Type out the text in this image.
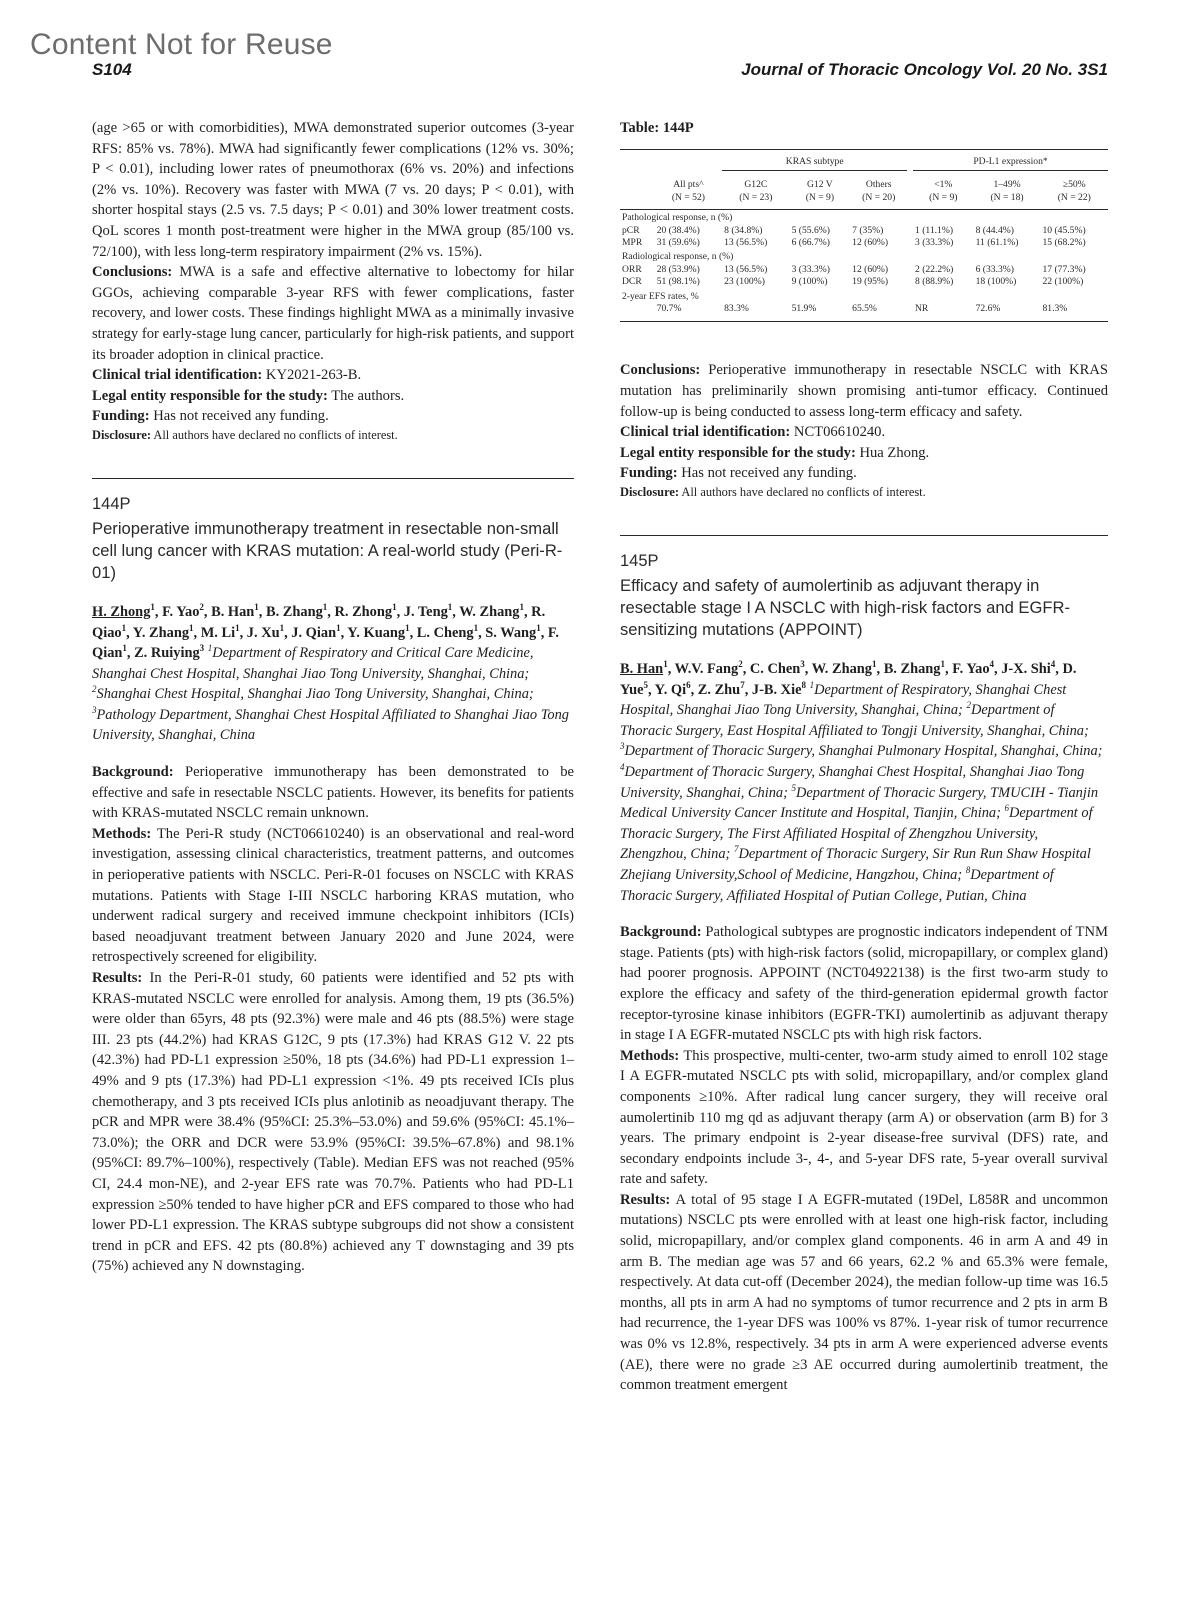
Content Not for Reuse
S104	Journal of Thoracic Oncology Vol. 20 No. 3S1

(age >65 or with comorbidities), MWA demonstrated superior outcomes (3-year RFS: 85% vs. 78%). MWA had significantly fewer complications (12% vs. 30%; P < 0.01), including lower rates of pneumothorax (6% vs. 20%) and infections (2% vs. 10%). Recovery was faster with MWA (7 vs. 20 days; P < 0.01), with shorter hospital stays (2.5 vs. 7.5 days; P < 0.01) and 30% lower treatment costs. QoL scores 1 month post-treatment were higher in the MWA group (85/100 vs. 72/100), with less long-term respiratory impairment (2% vs. 15%).

Conclusions: MWA is a safe and effective alternative to lobectomy for hilar GGOs, achieving comparable 3-year RFS with fewer complications, faster recovery, and lower costs. These findings highlight MWA as a minimally invasive strategy for early-stage lung cancer, particularly for high-risk patients, and support its broader adoption in clinical practice.

Clinical trial identification: KY2021-263-B.

Legal entity responsible for the study: The authors.

Funding: Has not received any funding.

Disclosure: All authors have declared no conflicts of interest.

144P
Perioperative immunotherapy treatment in resectable non-small cell lung cancer with KRAS mutation: A real-world study (Peri-R-01)

H. Zhong$^1$, F. Yao$^2$, B. Han$^1$, B. Zhang$^1$, R. Zhong$^1$, J. Teng$^1$, W. Zhang$^1$, R. Qiao$^1$, Y. Zhang$^1$, M. Li$^1$, J. Xu$^1$, J. Qian$^1$, Y. Kuang$^1$, L. Cheng$^1$, S. Wang$^1$, F. Qian$^1$, Z. Ruiying$^3$ $^1$Department of Respiratory and Critical Care Medicine, Shanghai Chest Hospital, Shanghai Jiao Tong University, Shanghai, China; $^2$Shanghai Chest Hospital, Shanghai Jiao Tong University, Shanghai, China; $^3$Pathology Department, Shanghai Chest Hospital Affiliated to Shanghai Jiao Tong University, Shanghai, China

Background: Perioperative immunotherapy has been demonstrated to be effective and safe in resectable NSCLC patients. However, its benefits for patients with KRAS-mutated NSCLC remain unknown.

Methods: The Peri-R study (NCT06610240) is an observational and real-word investigation, assessing clinical characteristics, treatment patterns, and outcomes in perioperative patients with NSCLC. Peri-R-01 focuses on NSCLC with KRAS mutations. Patients with Stage I-III NSCLC harboring KRAS mutation, who underwent radical surgery and received immune checkpoint inhibitors (ICIs) based neoadjuvant treatment between January 2020 and June 2024, were retrospectively screened for eligibility.

Results: In the Peri-R-01 study, 60 patients were identified and 52 pts with KRAS-mutated NSCLC were enrolled for analysis. Among them, 19 pts (36.5%) were older than 65yrs, 48 pts (92.3%) were male and 46 pts (88.5%) were stage III. 23 pts (44.2%) had KRAS G12C, 9 pts (17.3%) had KRAS G12 V. 22 pts (42.3%) had PD-L1 expression ≥50%, 18 pts (34.6%) had PD-L1 expression 1–49% and 9 pts (17.3%) had PD-L1 expression <1%. 49 pts received ICIs plus chemotherapy, and 3 pts received ICIs plus anlotinib as neoadjuvant therapy. The pCR and MPR were 38.4% (95%CI: 25.3%–53.0%) and 59.6% (95%CI: 45.1%–73.0%); the ORR and DCR were 53.9% (95%CI: 39.5%–67.8%) and 98.1% (95%CI: 89.7%–100%), respectively (Table). Median EFS was not reached (95% CI, 24.4 mon-NE), and 2-year EFS rate was 70.7%. Patients who had PD-L1 expression ≥50% tended to have higher pCR and EFS compared to those who had lower PD-L1 expression. The KRAS subtype subgroups did not show a consistent trend in pCR and EFS. 42 pts (80.8%) achieved any T downstaging and 39 pts (75%) achieved any N downstaging.

Table: 144P
		KRAS subtype				PD-L1 expression*		
	All pts^	G12C	G12 V	Others		<1%	1–49%	≥50%
	(N = 52)	(N = 23)	(N = 9)	(N = 20)		(N = 9)	(N = 18)	(N = 22)
Pathological response, n (%)								
pCR	20 (38.4%)	8 (34.8%)	5 (55.6%)	7 (35%)		1 (11.1%)	8 (44.4%)	10 (45.5%)
MPR	31 (59.6%)	13 (56.5%)	6 (66.7%)	12 (60%)		3 (33.3%)	11 (61.1%)	15 (68.2%)
Radiological response, n (%)								
ORR	28 (53.9%)	13 (56.5%)	3 (33.3%)	12 (60%)		2 (22.2%)	6 (33.3%)	17 (77.3%)
DCR	51 (98.1%)	23 (100%)	9 (100%)	19 (95%)		8 (88.9%)	18 (100%)	22 (100%)
2-year EFS rates, %								
	70.7%	83.3%	51.9%	65.5%		NR	72.6%	81.3%

Conclusions: Perioperative immunotherapy in resectable NSCLC with KRAS mutation has preliminarily shown promising anti-tumor efficacy. Continued follow-up is being conducted to assess long-term efficacy and safety.

Clinical trial identification: NCT06610240.

Legal entity responsible for the study: Hua Zhong.

Funding: Has not received any funding.

Disclosure: All authors have declared no conflicts of interest.

145P
Efficacy and safety of aumolertinib as adjuvant therapy in resectable stage I A NSCLC with high-risk factors and EGFR-sensitizing mutations (APPOINT)

B. Han$^1$, W.V. Fang$^2$, C. Chen$^3$, W. Zhang$^1$, B. Zhang$^1$, F. Yao$^4$, J-X. Shi$^4$, D. Yue$^5$, Y. Qi$^6$, Z. Zhu$^7$, J-B. Xie$^8$ $^1$Department of Respiratory, Shanghai Chest Hospital, Shanghai Jiao Tong University, Shanghai, China; $^2$Department of Thoracic Surgery, East Hospital Affiliated to Tongji University, Shanghai, China; $^3$Department of Thoracic Surgery, Shanghai Pulmonary Hospital, Shanghai, China; $^4$Department of Thoracic Surgery, Shanghai Chest Hospital, Shanghai Jiao Tong University, Shanghai, China; $^5$Department of Thoracic Surgery, TMUCIH - Tianjin Medical University Cancer Institute and Hospital, Tianjin, China; $^6$Department of Thoracic Surgery, The First Affiliated Hospital of Zhengzhou University, Zhengzhou, China; $^7$Department of Thoracic Surgery, Sir Run Run Shaw Hospital Zhejiang University,School of Medicine, Hangzhou, China; $^8$Department of Thoracic Surgery, Affiliated Hospital of Putian College, Putian, China

Background: Pathological subtypes are prognostic indicators independent of TNM stage. Patients (pts) with high-risk factors (solid, micropapillary, or complex gland) had poorer prognosis. APPOINT (NCT04922138) is the first two-arm study to explore the efficacy and safety of the third-generation epidermal growth factor receptor-tyrosine kinase inhibitors (EGFR-TKI) aumolertinib as adjuvant therapy in stage I A EGFR-mutated NSCLC pts with high risk factors.

Methods: This prospective, multi-center, two-arm study aimed to enroll 102 stage I A EGFR-mutated NSCLC pts with solid, micropapillary, and/or complex gland components ≥10%. After radical lung cancer surgery, they will receive oral aumolertinib 110 mg qd as adjuvant therapy (arm A) or observation (arm B) for 3 years. The primary endpoint is 2-year disease-free survival (DFS) rate, and secondary endpoints include 3-, 4-, and 5-year DFS rate, 5-year overall survival rate and safety.

Results: A total of 95 stage I A EGFR-mutated (19Del, L858R and uncommon mutations) NSCLC pts were enrolled with at least one high-risk factor, including solid, micropapillary, and/or complex gland components. 46 in arm A and 49 in arm B. The median age was 57 and 66 years, 62.2 % and 65.3% were female, respectively. At data cut-off (December 2024), the median follow-up time was 16.5 months, all pts in arm A had no symptoms of tumor recurrence and 2 pts in arm B had recurrence, the 1-year DFS was 100% vs 87%. 1-year risk of tumor recurrence was 0% vs 12.8%, respectively. 34 pts in arm A were experienced adverse events (AE), there were no grade ≥3 AE occurred during aumolertinib treatment, the common treatment emergent
